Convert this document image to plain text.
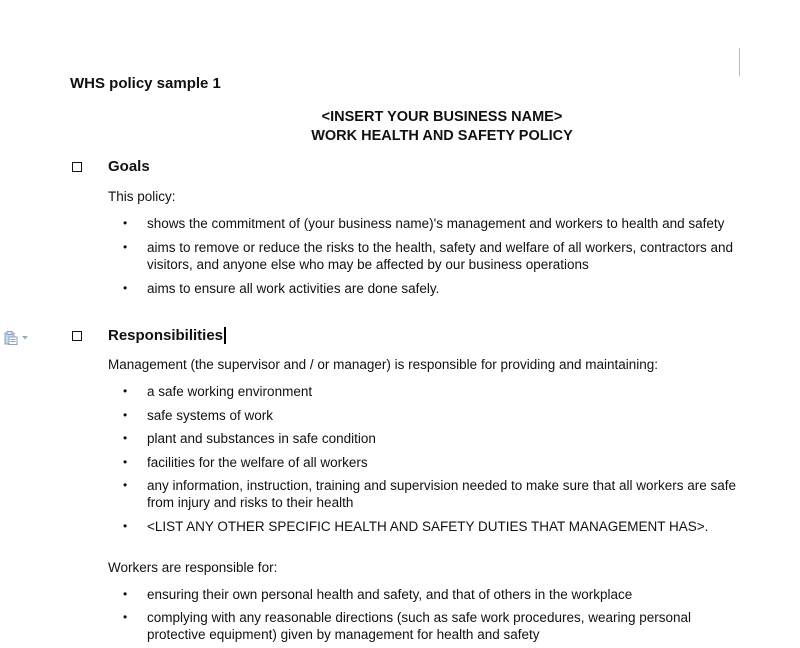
WHS policy sample 1
<INSERT YOUR BUSINESS NAME>
WORK HEALTH AND SAFETY POLICY
Goals
This policy:
• shows the commitment of (your business name)'s management and workers to health and safety
• aims to remove or reduce the risks to the health, safety and welfare of all workers, contractors and visitors, and anyone else who may be affected by our business operations
• aims to ensure all work activities are done safely.
Responsibilities
Management (the supervisor and / or manager) is responsible for providing and maintaining:
• a safe working environment
• safe systems of work
• plant and substances in safe condition
• facilities for the welfare of all workers
• any information, instruction, training and supervision needed to make sure that all workers are safe from injury and risks to their health
• <LIST ANY OTHER SPECIFIC HEALTH AND SAFETY DUTIES THAT MANAGEMENT HAS>.
Workers are responsible for:
• ensuring their own personal health and safety, and that of others in the workplace
• complying with any reasonable directions (such as safe work procedures, wearing personal protective equipment) given by management for health and safety
